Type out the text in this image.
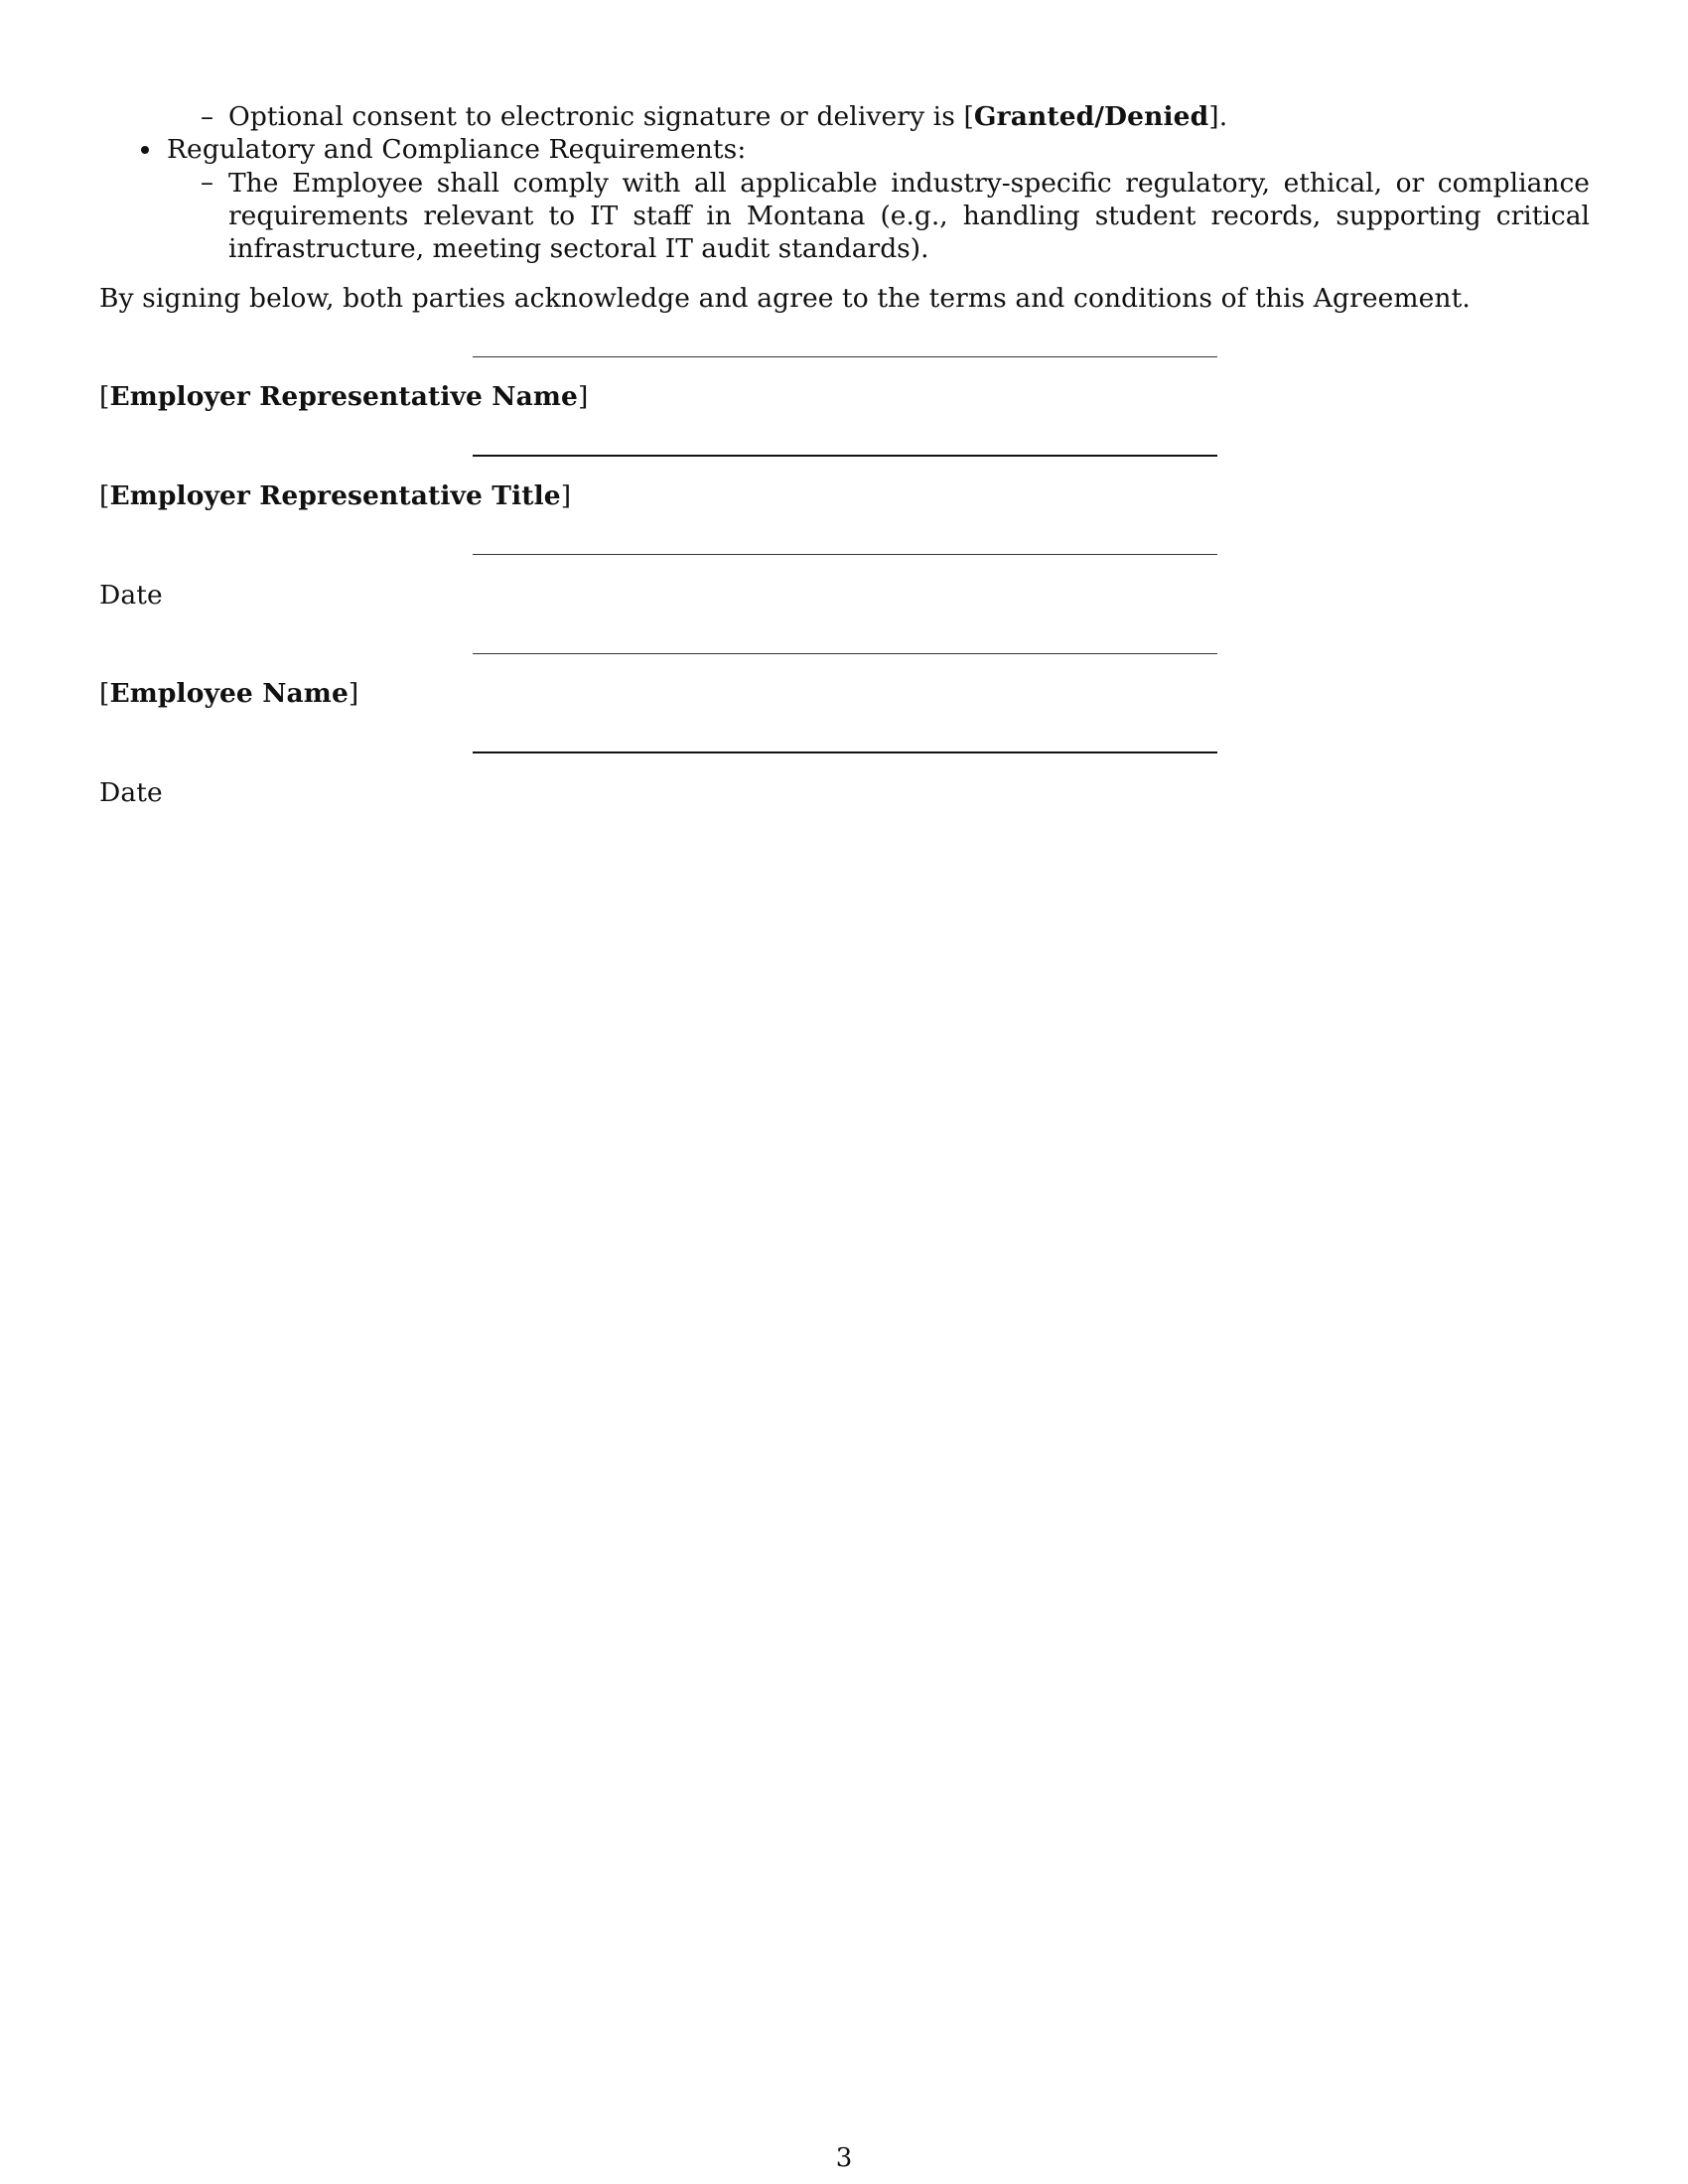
– Optional consent to electronic signature or delivery is [Granted/Denied].
Regulatory and Compliance Requirements:
– The Employee shall comply with all applicable industry-specific regulatory, ethical, or compliance requirements relevant to IT staff in Montana (e.g., handling student records, supporting critical infrastructure, meeting sectoral IT audit standards).
By signing below, both parties acknowledge and agree to the terms and conditions of this Agreement.
[Employer Representative Name]
[Employer Representative Title]
Date
[Employee Name]
Date
3
